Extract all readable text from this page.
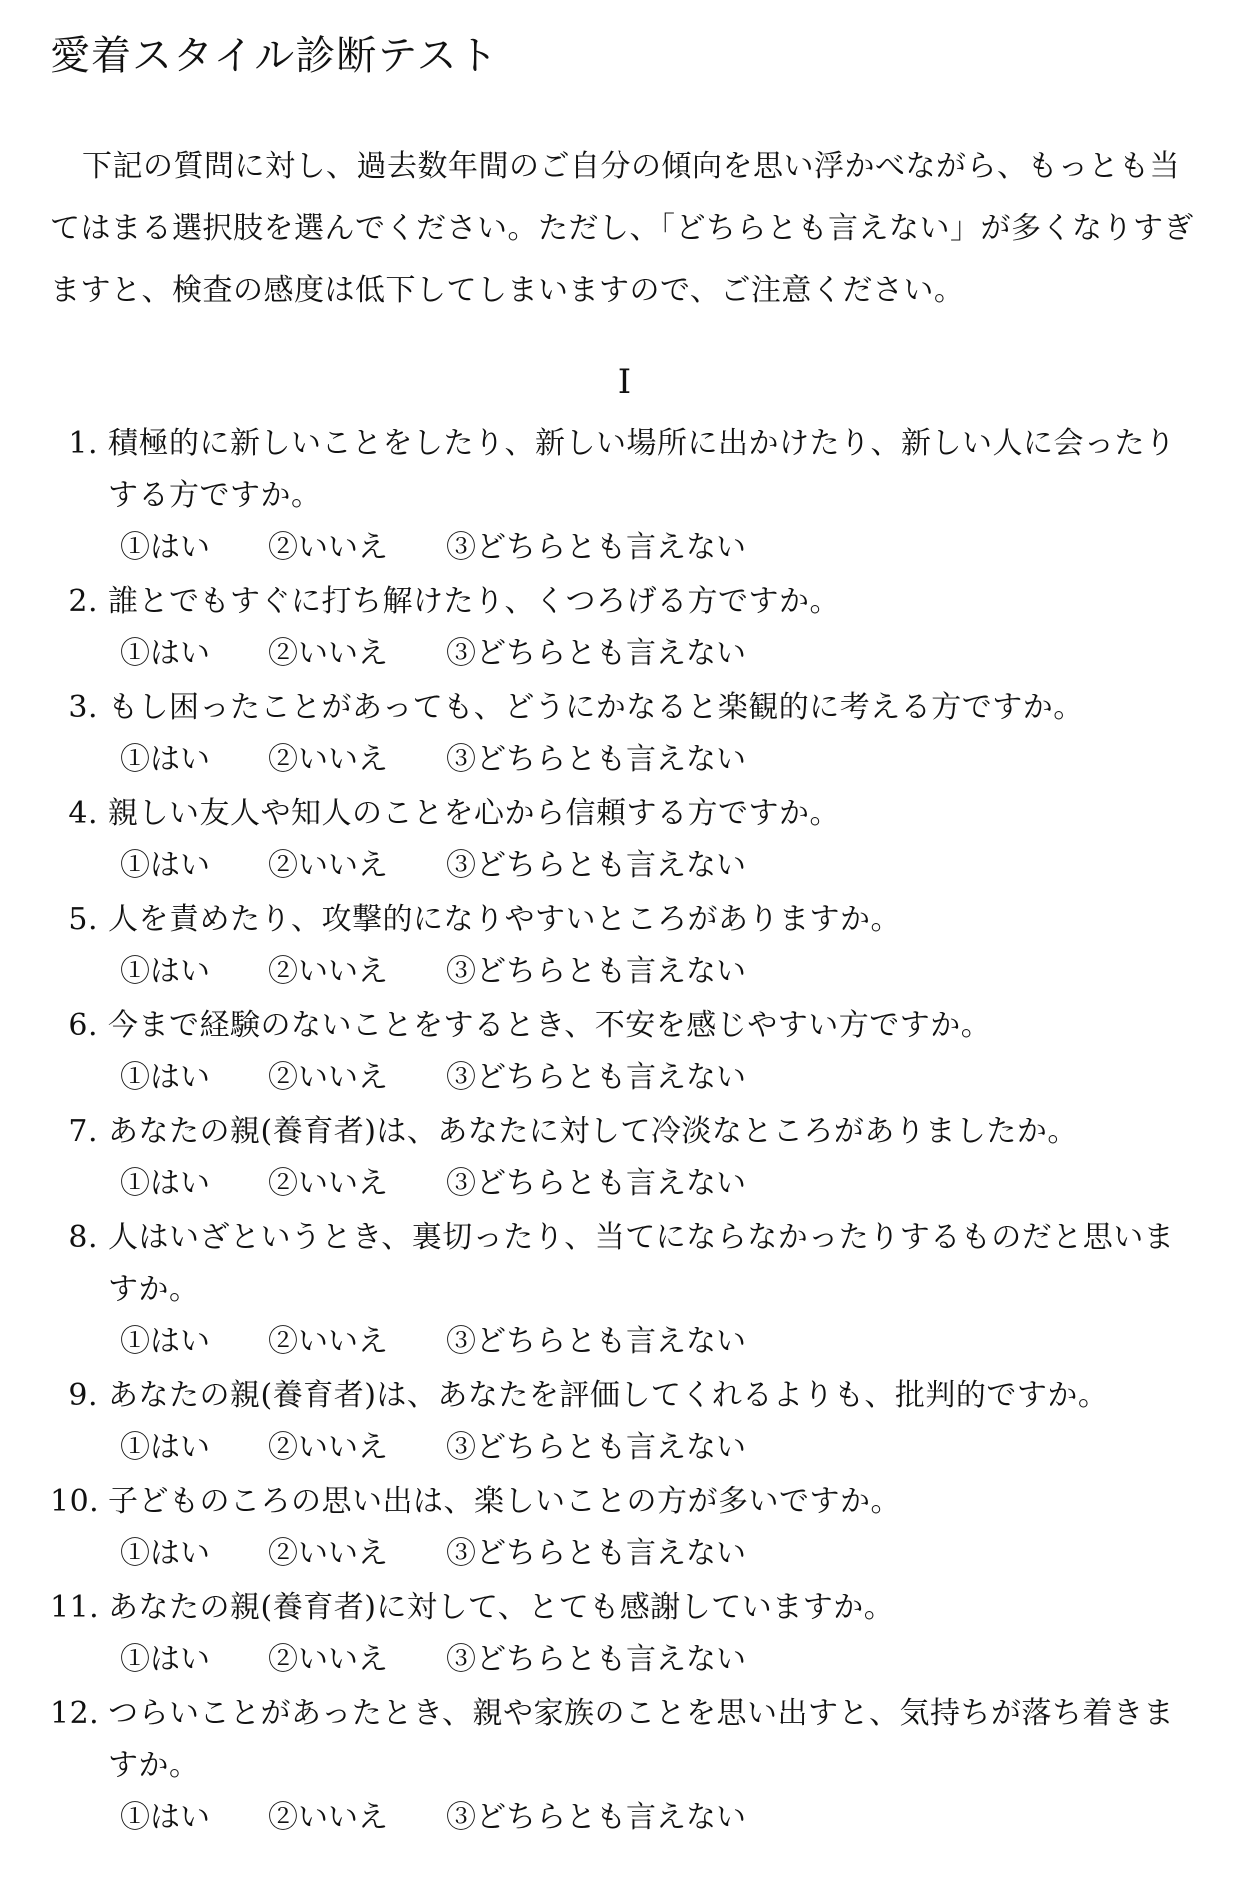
愛着スタイル診断テスト

下記の質問に対し、過去数年間のご自分の傾向を思い浮かべながら、もっとも当てはまる選択肢を選んでください。ただし、「どちらとも言えない」が多くなりすぎますと、検査の感度は低下してしまいますので、ご注意ください。

I
1. 積極的に新しいことをしたり、新しい場所に出かけたり、新しい人に会ったりする方ですか。
①はい ②いいえ ③どちらとも言えない
2. 誰とでもすぐに打ち解けたり、くつろげる方ですか。
①はい ②いいえ ③どちらとも言えない
3. もし困ったことがあっても、どうにかなると楽観的に考える方ですか。
①はい ②いいえ ③どちらとも言えない
4. 親しい友人や知人のことを心から信頼する方ですか。
①はい ②いいえ ③どちらとも言えない
5. 人を責めたり、攻撃的になりやすいところがありますか。
①はい ②いいえ ③どちらとも言えない
6. 今まで経験のないことをするとき、不安を感じやすい方ですか。
①はい ②いいえ ③どちらとも言えない
7. あなたの親(養育者)は、あなたに対して冷淡なところがありましたか。
①はい ②いいえ ③どちらとも言えない
8. 人はいざというとき、裏切ったり、当てにならなかったりするものだと思いますか。
①はい ②いいえ ③どちらとも言えない
9. あなたの親(養育者)は、あなたを評価してくれるよりも、批判的ですか。
①はい ②いいえ ③どちらとも言えない
10. 子どものころの思い出は、楽しいことの方が多いですか。
①はい ②いいえ ③どちらとも言えない
11. あなたの親(養育者)に対して、とても感謝していますか。
①はい ②いいえ ③どちらとも言えない
12. つらいことがあったとき、親や家族のことを思い出すと、気持ちが落ち着きますか。
①はい ②いいえ ③どちらとも言えない
